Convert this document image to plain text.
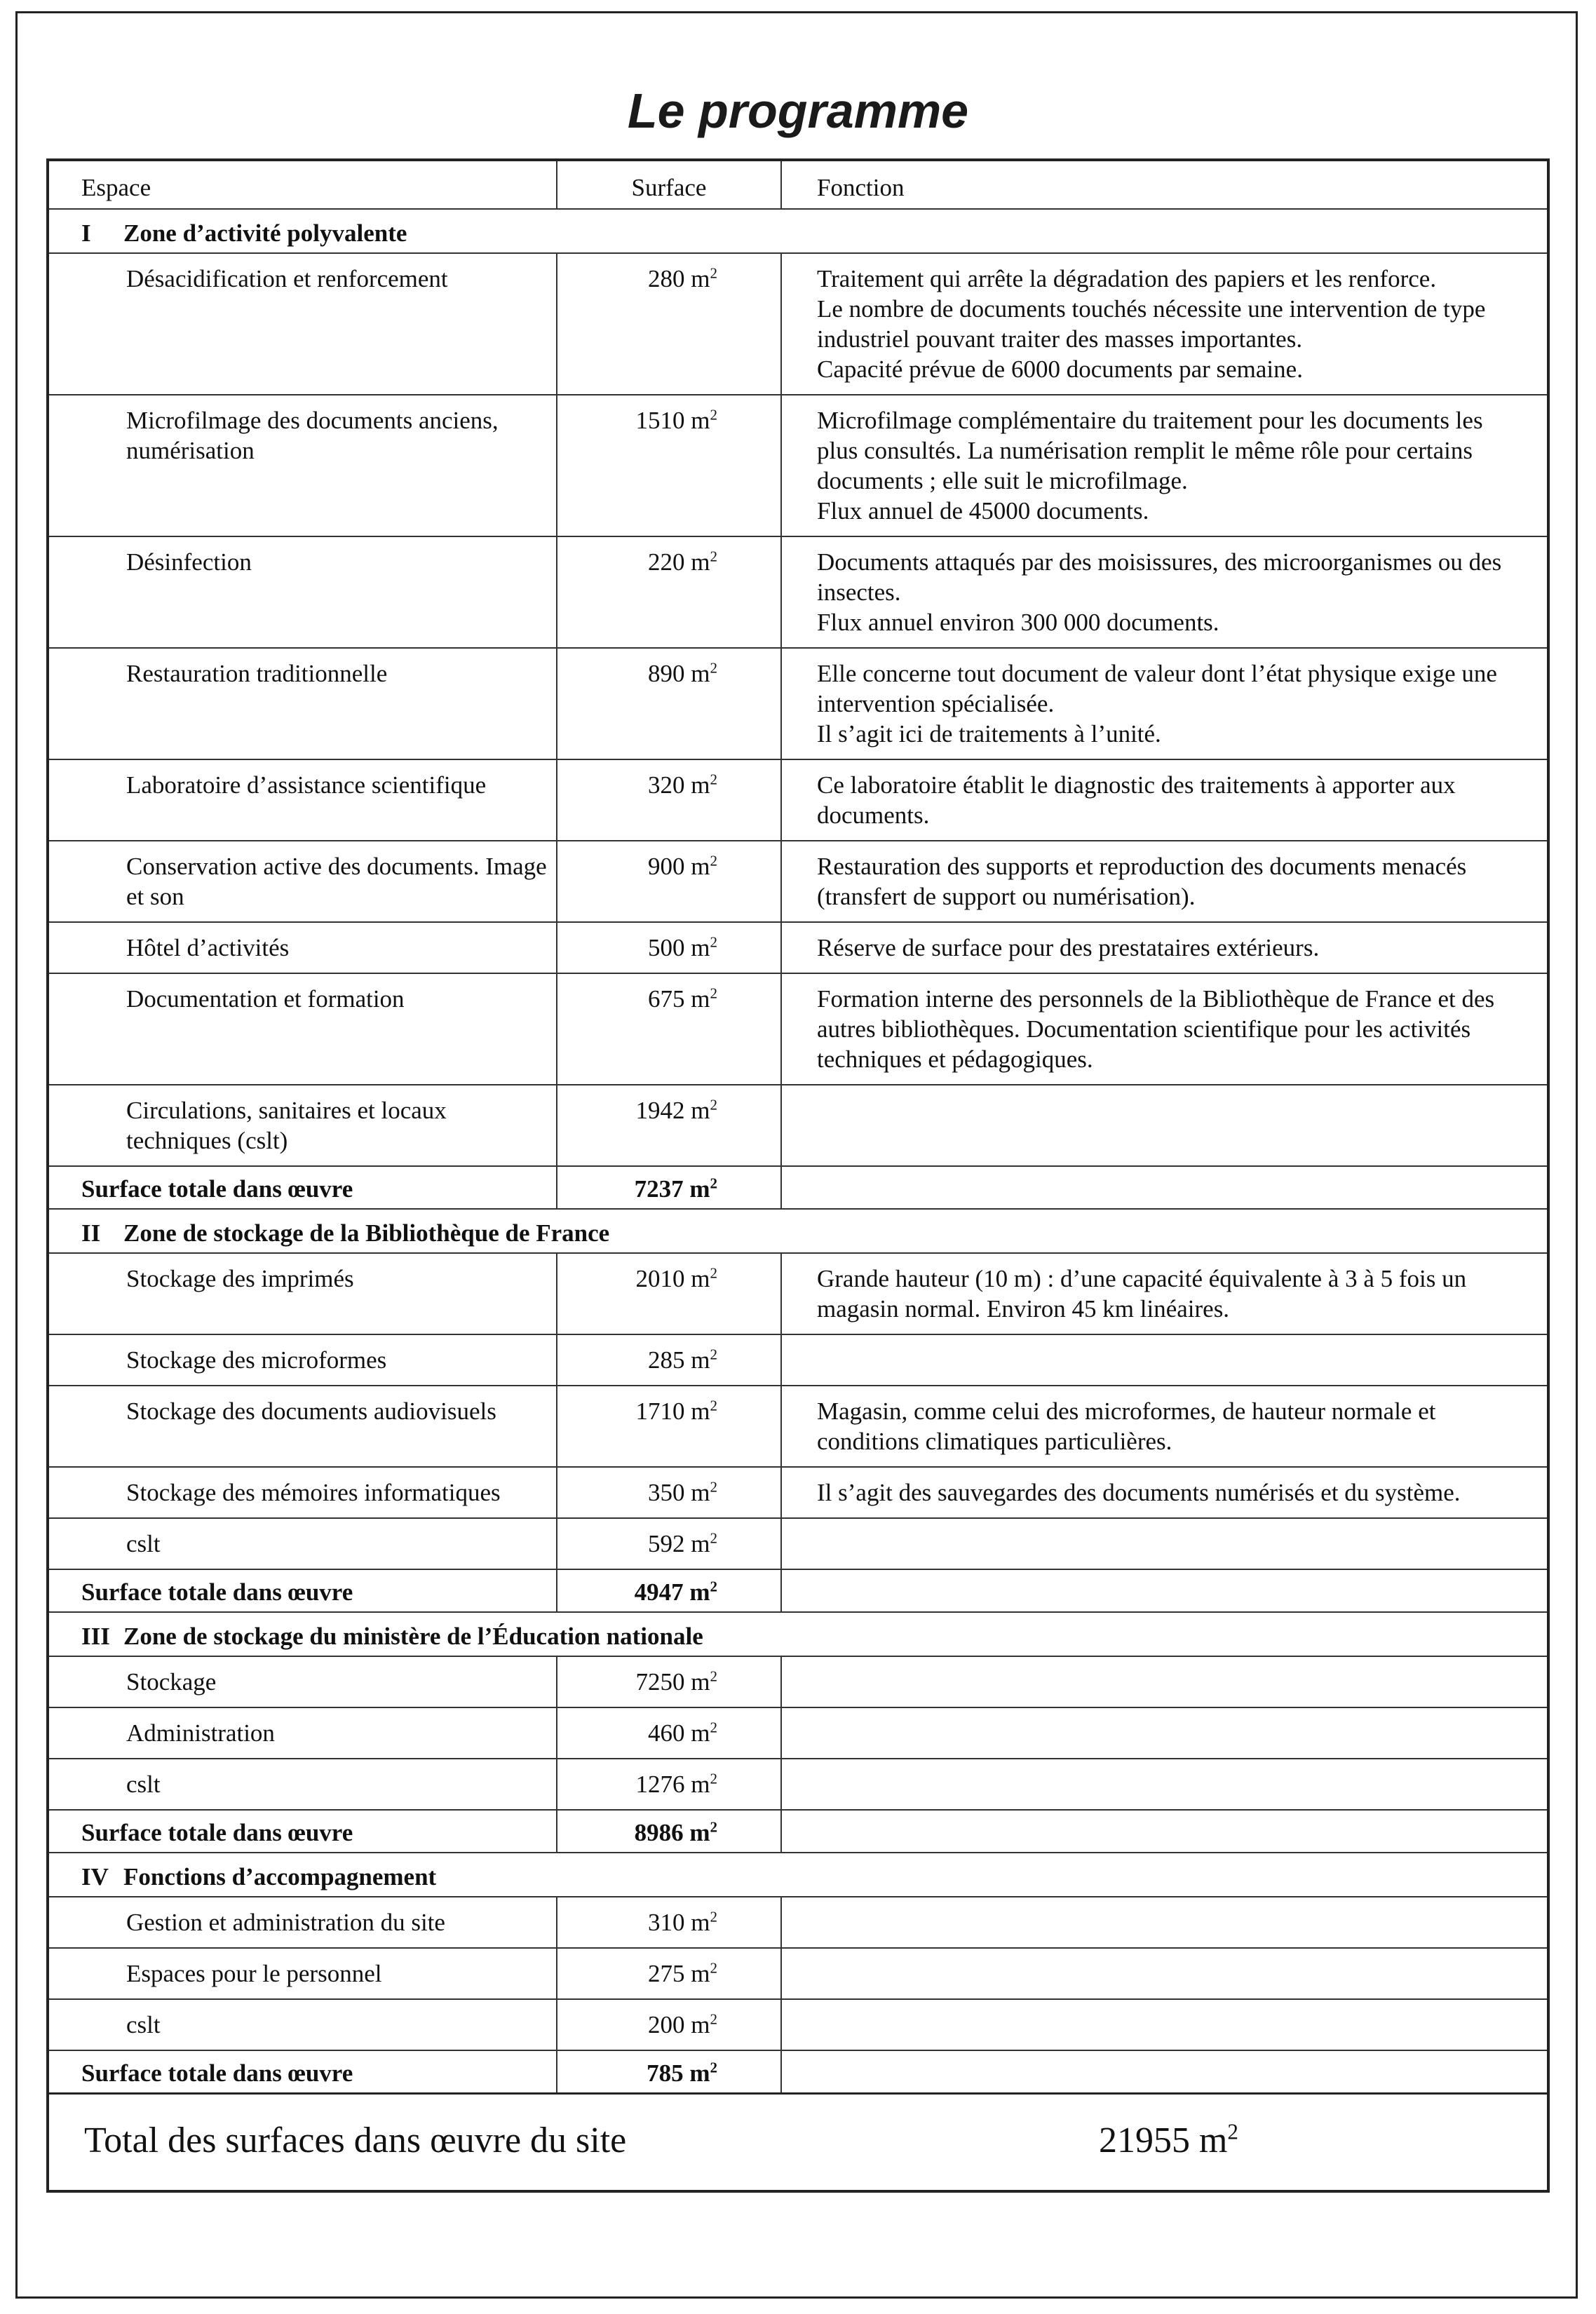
Le programme
Espace	Surface	Fonction
I Zone d’activité polyvalente		
Désacidification et renforcement	280 $m^2$	Traitement qui arrête la dégradation des papiers et les renforce.
Le nombre de documents touchés nécessite une intervention de type industriel pouvant traiter des masses importantes.
Capacité prévue de 6000 documents par semaine.

Microfilmage des documents anciens, numérisation	1510 $m^2$	Microfilmage complémentaire du traitement pour les documents les plus consultés. La numérisation remplit le même rôle pour certains documents ; elle suit le microfilmage.
Flux annuel de 45000 documents.

Désinfection	220 $m^2$	Documents attaqués par des moisissures, des microorganismes ou des insectes.
Flux annuel environ 300 000 documents.

Restauration traditionnelle	890 $m^2$	Elle concerne tout document de valeur dont l’état physique exige une intervention spécialisée.
Il s’agit ici de traitements à l’unité.

Laboratoire d’assistance scientifique	320 $m^2$	Ce laboratoire établit le diagnostic des traitements à apporter aux documents.

Conservation active des documents. Image et son	900 $m^2$	Restauration des supports et reproduction des documents menacés (transfert de support ou numérisation).

Hôtel d’activités	500 $m^2$	Réserve de surface pour des prestataires extérieurs.

Documentation et formation	675 $m^2$	Formation interne des personnels de la Bibliothèque de France et des autres bibliothèques. Documentation scientifique pour les activités techniques et pédagogiques.

Circulations, sanitaires et locaux techniques (cslt)	1942 $m^2$	
Surface totale dans œuvre	7237 $m^2$	
II Zone de stockage de la Bibliothèque de France		
Stockage des imprimés	2010 $m^2$	Grande hauteur (10 m) : d’une capacité équivalente à 3 à 5 fois un magasin normal. Environ 45 km linéaires.

Stockage des microformes	285 $m^2$	
Stockage des documents audiovisuels	1710 $m^2$	Magasin, comme celui des microformes, de hauteur normale et conditions climatiques particulières.

Stockage des mémoires informatiques	350 $m^2$	Il s’agit des sauvegardes des documents numérisés et du système.

cslt	592 $m^2$	
Surface totale dans œuvre	4947 $m^2$	
III Zone de stockage du ministère de l’Éducation nationale		
Stockage	7250 $m^2$	
Administration	460 $m^2$	
cslt	1276 $m^2$	
Surface totale dans œuvre	8986 $m^2$	
IV Fonctions d’accompagnement		
Gestion et administration du site	310 $m^2$	
Espaces pour le personnel	275 $m^2$	
cslt	200 $m^2$	
Surface totale dans œuvre	785 $m^2$	
Total des surfaces dans œuvre du site		21955 $m^2$
